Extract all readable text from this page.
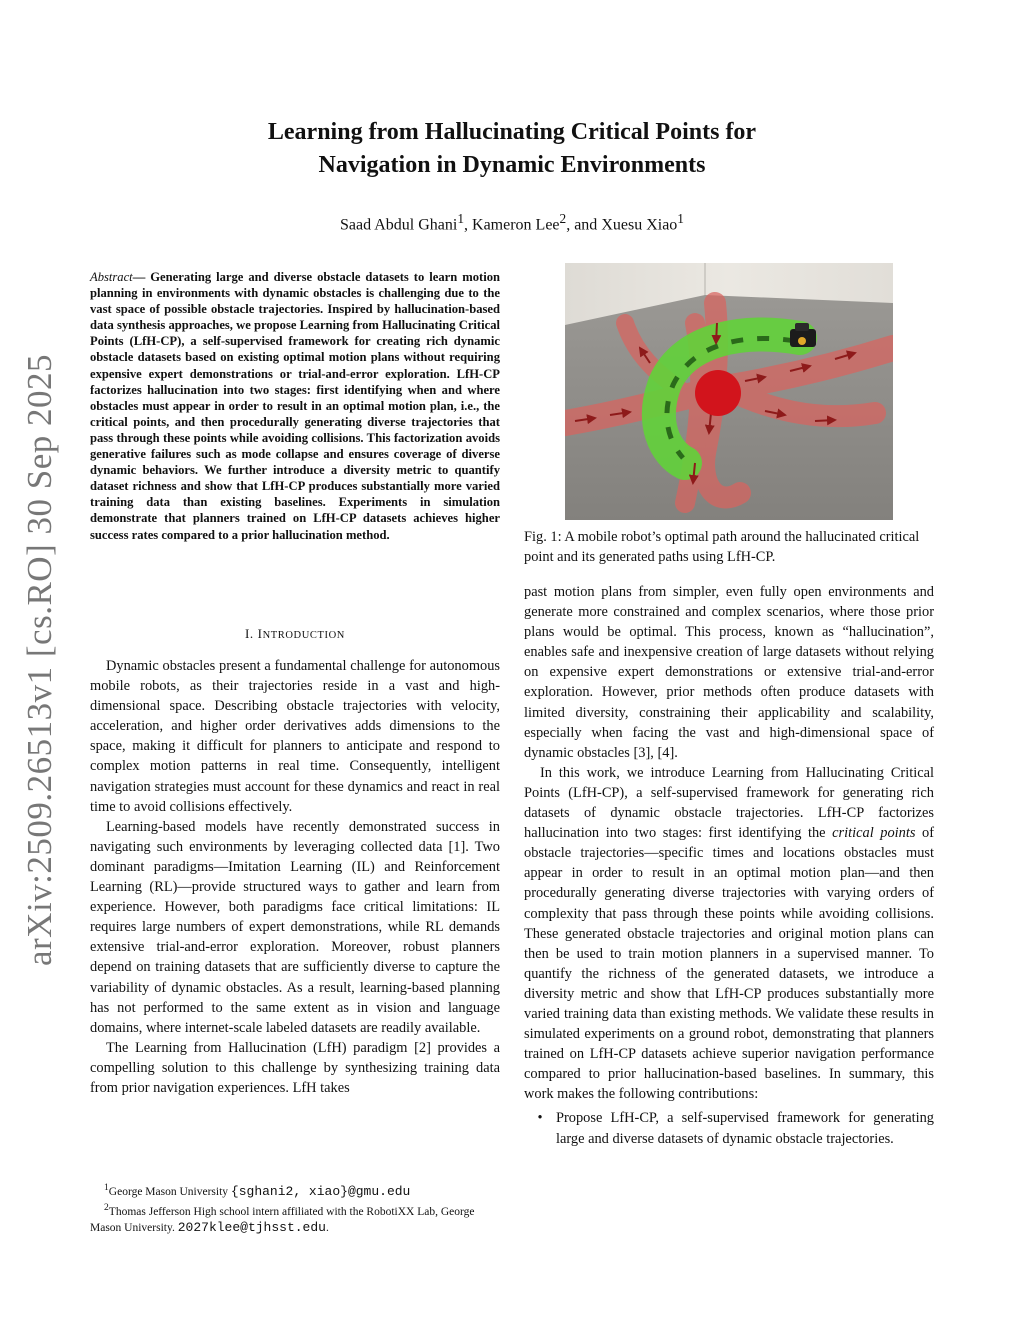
arXiv:2509.26513v1 [cs.RO] 30 Sep 2025
Learning from Hallucinating Critical Points for
Navigation in Dynamic Environments
Saad Abdul Ghani$^1$, Kameron Lee$^2$, and Xuesu Xiao$^1$
Abstract— Generating large and diverse obstacle datasets to learn motion planning in environments with dynamic obstacles is challenging due to the vast space of possible obstacle trajectories. Inspired by hallucination-based data synthesis approaches, we propose Learning from Hallucinating Critical Points (LfH-CP), a self-supervised framework for creating rich dynamic obstacle datasets based on existing optimal motion plans without requiring expensive expert demonstrations or trial-and-error exploration. LfH-CP factorizes hallucination into two stages: first identifying when and where obstacles must appear in order to result in an optimal motion plan, i.e., the critical points, and then procedurally generating diverse trajectories that pass through these points while avoiding collisions. This factorization avoids generative failures such as mode collapse and ensures coverage of diverse dynamic behaviors. We further introduce a diversity metric to quantify dataset richness and show that LfH-CP produces substantially more varied training data than existing baselines. Experiments in simulation demonstrate that planners trained on LfH-CP datasets achieves higher success rates compared to a prior hallucination method.
I. INTRODUCTION

Dynamic obstacles present a fundamental challenge for autonomous mobile robots, as their trajectories reside in a vast and high-dimensional space. Describing obstacle trajectories with velocity, acceleration, and higher order derivatives adds dimensions to the space, making it difficult for planners to anticipate and respond to complex motion patterns in real time. Consequently, intelligent navigation strategies must account for these dynamics and react in real time to avoid collisions effectively.

Learning-based models have recently demonstrated success in navigating such environments by leveraging collected data [1]. Two dominant paradigms—Imitation Learning (IL) and Reinforcement Learning (RL)—provide structured ways to gather and learn from experience. However, both paradigms face critical limitations: IL requires large numbers of expert demonstrations, while RL demands extensive trial-and-error exploration. Moreover, robust planners depend on training datasets that are sufficiently diverse to capture the variability of dynamic obstacles. As a result, learning-based planning has not performed to the same extent as in vision and language domains, where internet-scale labeled datasets are readily available.

The Learning from Hallucination (LfH) paradigm [2] provides a compelling solution to this challenge by synthesizing training data from prior navigation experiences. LfH takes

Fig. 1: A mobile robot’s optimal path around the hallucinated critical point and its generated paths using LfH-CP.

past motion plans from simpler, even fully open environments and generate more constrained and complex scenarios, where those prior plans would be optimal. This process, known as “hallucination”, enables safe and inexpensive creation of large datasets without relying on expensive expert demonstrations or extensive trial-and-error exploration. However, prior methods often produce datasets with limited diversity, constraining their applicability and scalability, especially when facing the vast and high-dimensional space of dynamic obstacles [3], [4].

In this work, we introduce Learning from Hallucinating Critical Points (LfH-CP), a self-supervised framework for generating rich datasets of dynamic obstacle trajectories. LfH-CP factorizes hallucination into two stages: first identifying the critical points of obstacle trajectories—specific times and locations obstacles must appear in order to result in an optimal motion plan—and then procedurally generating diverse trajectories with varying orders of complexity that pass through these points while avoiding collisions. These generated obstacle trajectories and original motion plans can then be used to train motion planners in a supervised manner. To quantify the richness of the generated datasets, we introduce a diversity metric and show that LfH-CP produces substantially more varied training data than existing methods. We validate these results in simulated experiments on a ground robot, demonstrating that planners trained on LfH-CP datasets achieve superior navigation performance compared to prior hallucination-based baselines. In summary, this work makes the following contributions:

• Propose LfH-CP, a self-supervised framework for generating large and diverse datasets of dynamic obstacle trajectories.
$^1$George Mason University {sghani2, xiao}@gmu.edu
$^2$Thomas Jefferson High school intern affiliated with the RobotiXX Lab, George Mason University. 2027klee@tjhsst.edu.
